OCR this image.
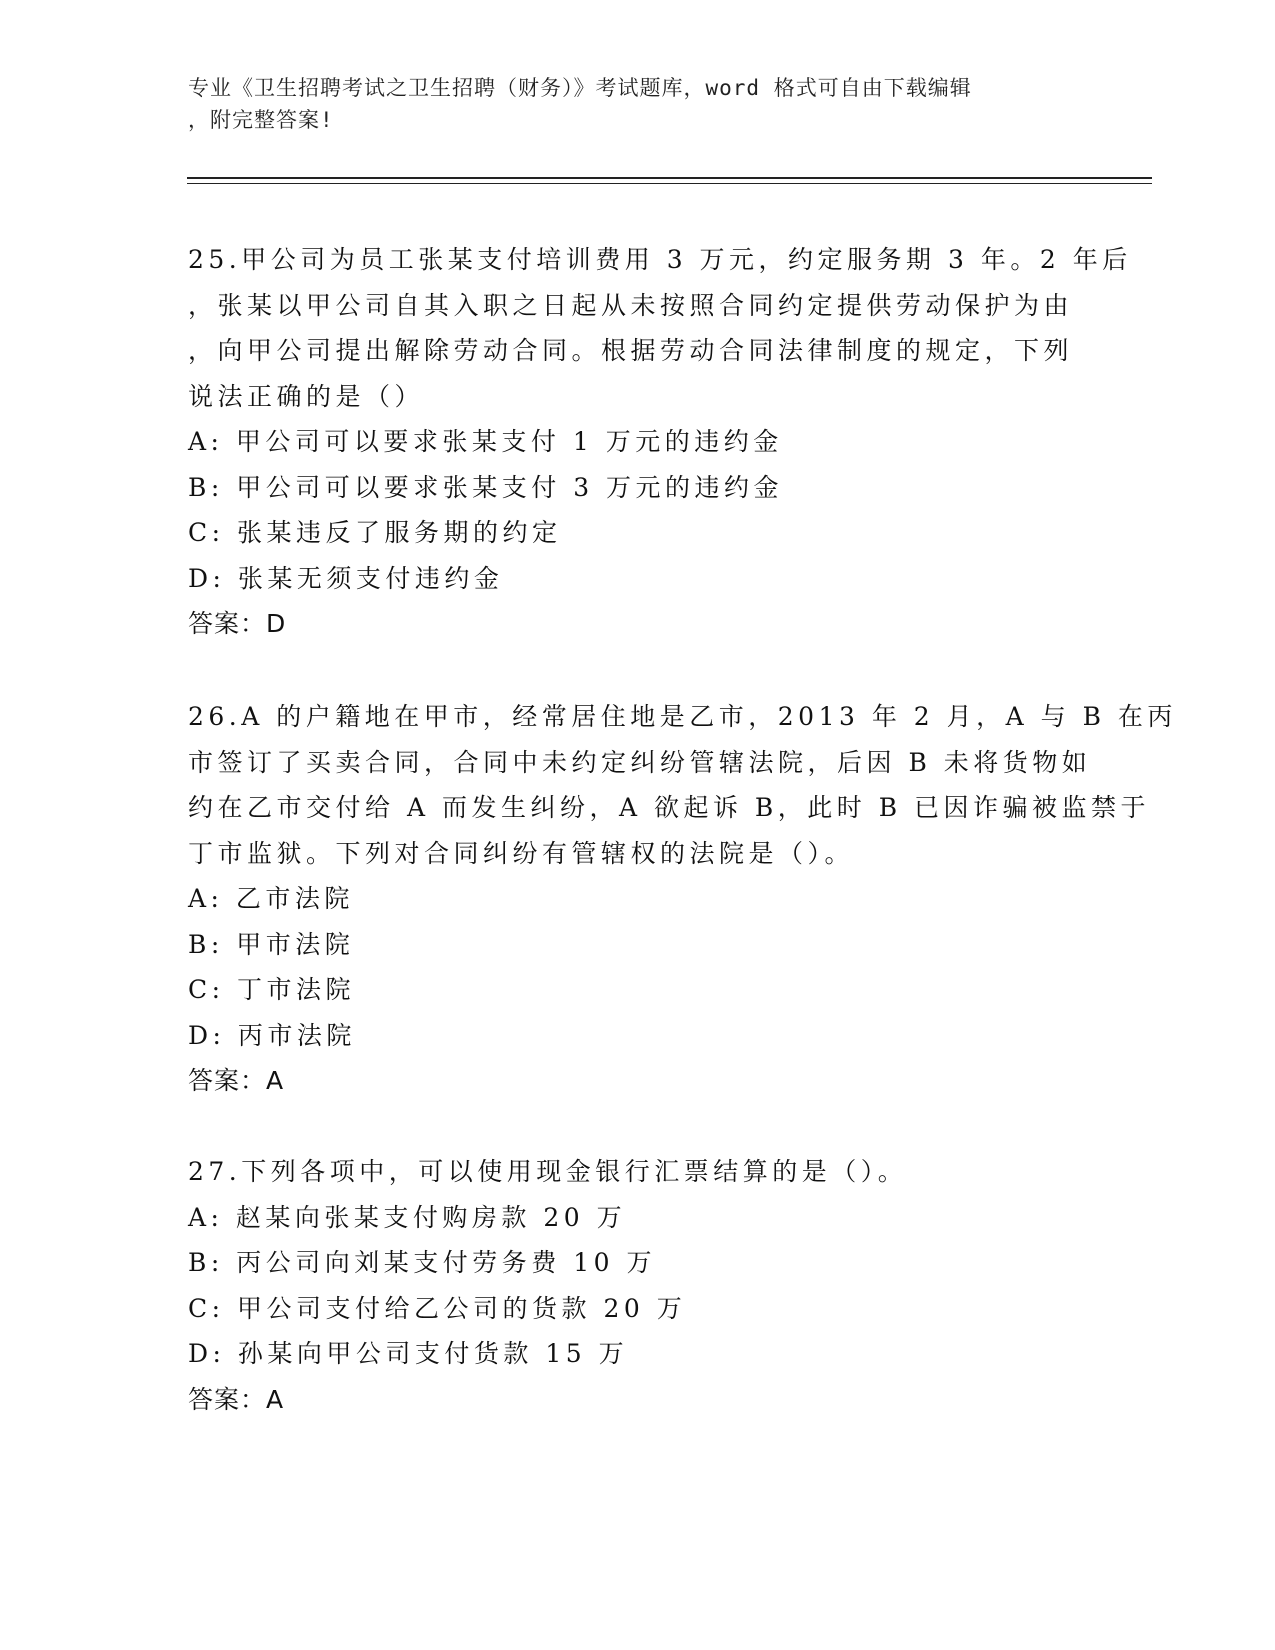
专业《卫生招聘考试之卫生招聘（财务）》考试题库，word 格式可自由下载编辑

，附完整答案!

25.甲公司为员工张某支付培训费用 3 万元，约定服务期 3 年。2 年后

，张某以甲公司自其入职之日起从未按照合同约定提供劳动保护为由

，向甲公司提出解除劳动合同。根据劳动合同法律制度的规定，下列

说法正确的是（）

A: 甲公司可以要求张某支付 1 万元的违约金

B: 甲公司可以要求张某支付 3 万元的违约金

C: 张某违反了服务期的约定

D: 张某无须支付违约金

答案：D

26.A 的户籍地在甲市，经常居住地是乙市，2013 年 2 月，A 与 B 在丙

市签订了买卖合同，合同中未约定纠纷管辖法院，后因 B 未将货物如

约在乙市交付给 A 而发生纠纷，A 欲起诉 B，此时 B 已因诈骗被监禁于

丁市监狱。下列对合同纠纷有管辖权的法院是（）。

A: 乙市法院

B: 甲市法院

C: 丁市法院

D: 丙市法院

答案：A

27.下列各项中，可以使用现金银行汇票结算的是（）。

A: 赵某向张某支付购房款 20 万

B: 丙公司向刘某支付劳务费 10 万

C: 甲公司支付给乙公司的货款 20 万

D: 孙某向甲公司支付货款 15 万

答案：A
